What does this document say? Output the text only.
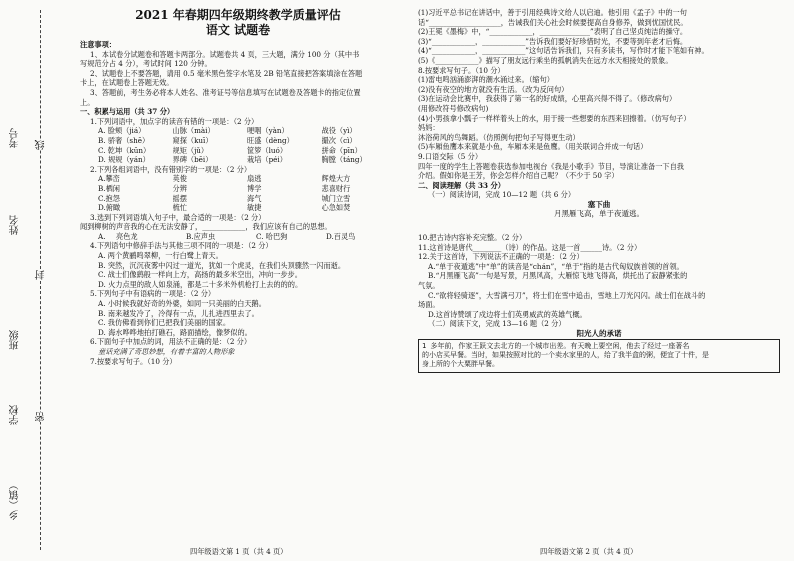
考号 线
姓名
封
班级
密
学校
乡（镇）
2021 年春期四年级期终教学质量评估
语文 试题卷
注意事项：
1、本试卷分试题卷和答题卡两部分。试题卷共 4 页，三大题，满分 100 分（其中书
写规范分占 4 分），考试时间 120 分钟。
2、试题卷上不要答题，请用 0.5 毫米黑色签字水笔及 2B 铅笔直接把答案填涂在答题
卡上，在试题卷上答题无效。
3、答题前，考生务必将本人姓名、准考证号等信息填写在试题卷及答题卡的指定位置
上。
一、积累与运用（共 37 分）
1.下列词语中，加点字的读音有错的一项是：（2 分）
A. 脸颊（jiá）	山脉（mài）	哽咽（yàn）	战役（yì）
B. 骄奢（shē）	窥探（kuī）	旺盛（dèng）	撮次（cì）
C. 乾坤（kūn）	规矩（jǔ）	筐箩（luó）	拼命（pīn）
D. 规规（yán）	界碑（bēi）	栽培（péi）	胸膛（táng）
2.下列各组词语中，没有错别字的一项是：（2 分）
A.攀峦	英俊	扇逃	辉煌大方
B.栖闲	分辨	博学	悲喜财行
C.抱怨	摇摆	海气	城门立雪
D.俯瞰	梳忙	敏捷	心急如焚
3.选到下列词语填入句子中，最合适的一项是：（2 分）
闻到柳树的声音我的心在无法安静了，____________，我们应该有自己的思想。
A.	亮色龙	B.应声虫	C. 哈巴狗	D.百灵鸟
4.下列语句中修辞手法与其他三项不同的一项是：（2 分）
A. 两个黄鹂鸣翠柳，一行白鹭上青天。
B. 突然，沉沉夜雾中闪过一道光，犹如一个虎灵，在我们头顶骤然一闪而逝。
C. 战士们像鹞般一样向上方，高扬的最多米空出，冲向一步步。
D. 火力点里的敌人如泉涌，都是二十多米外机枪打上去的的的。
5.下列句子中有语病的一项是：（2 分）
A. 小时候我就好奇的外婆，如同一只美丽的白天鹅。
B. 南来越发冷了，冷得有一点，儿扎进西里去了。
C. 我仿佛看到你们已把我们美丽的国家。
D. 海水哗哗地拍打礁石，路面描绘，像梦似的。
6.下面句子中加点的词，用法不正确的是：（2 分）
童话充满了奇思妙想，有着丰富的人物形象
7.按要求写句子。（10 分）
四年级语文第 1 页（共 4 页）
(1)习近平总书记在讲话中，善于引用经典诗文给人以启迪。他引用《孟子》中的一句
话“____________________，告诫我们关心社会时候要提高自身修养，做到忧国忧民。
(2)王冕《墨梅》中，“____________，______________”表明了自己坚贞纯洁的操守。
(3)“____________，____________”告诉我们要好好珍惜时光，不要等到年老才后悔。
(4)“____________，____________”这句话告诉我们，只有多读书，写作时才能下笔如有神。
(5)《____________》描写了朋友远行乘坐的孤帆消失在远方水天相接处的景象。
8.按要求写句子。（10 分）
(1)雷电鸣汹涌澎湃的潮水涌过来。（缩句）
(2)没有夜空的地方就没有生活。（改为反问句）
(3)在运动会比赛中，我获得了第一名的好成绩，心里高兴得不得了。（修改病句）
(用修改符号修改病句)
(4)小男孩拿小瓢子一样样着头上的水，用于接一些想要的东西来回擦着。（仿写句子）
妈妈：
沐浴荷风的鸟舞蹈。（仿照例句把句子写得更生动）
(5)车厢鱼鹰本来就是小鱼，车厢本来是鱼鹰。（用关联词合并成一句话）
9.口语交际（5 分）
四年一度的学生上答题卷获选参加电视台《我是小歌手》节目，导演让准备一下自我
介绍。假如你是王芳，你会怎样介绍自己呢？（不少于 50 字）
二、阅读理解（共 33 分）
（一）阅读诗词，完成 10—12 题（共 6 分）
塞下曲
月黑雁飞高，单于夜遁逃。
10.把古诗内容补充完整。（2 分）
11.这首诗是唐代________（诗）的作品。这是一首______诗。（2 分）
12.关于这首诗，下列说法不正确的一项是：（2 分）
A.“单于夜遁逃”中“单”的读音是“chán”，“单于”指的是古代匈奴族首领的首领。
B.“月黑雁飞高”一句是写景，月黑风高，大雁惊飞地飞得高，烘托出了寂静紧张的
气氛。
C.“欲将轻骑逐”，大雪满弓刀”，将士们在雪中追击，雪地上刀光闪闪。战士们在战斗的
场面。
D.这首诗赞颂了戍边将士们英勇威武的英雄气概。
（二）阅读下文，完成 13—16 题（2 分）
阳光人的承诺
1 多年前，作家王跃文去北方的一个城市出差。有天晚上要空闲，他去了经过一座著名
的小店买早餐。当时，如果按照对比的一个卖水家里的人，给了我半盒的粥，便宜了十件，是
身上所的个大粟胖早餐。
四年级语文第 2 页（共 4 页）
